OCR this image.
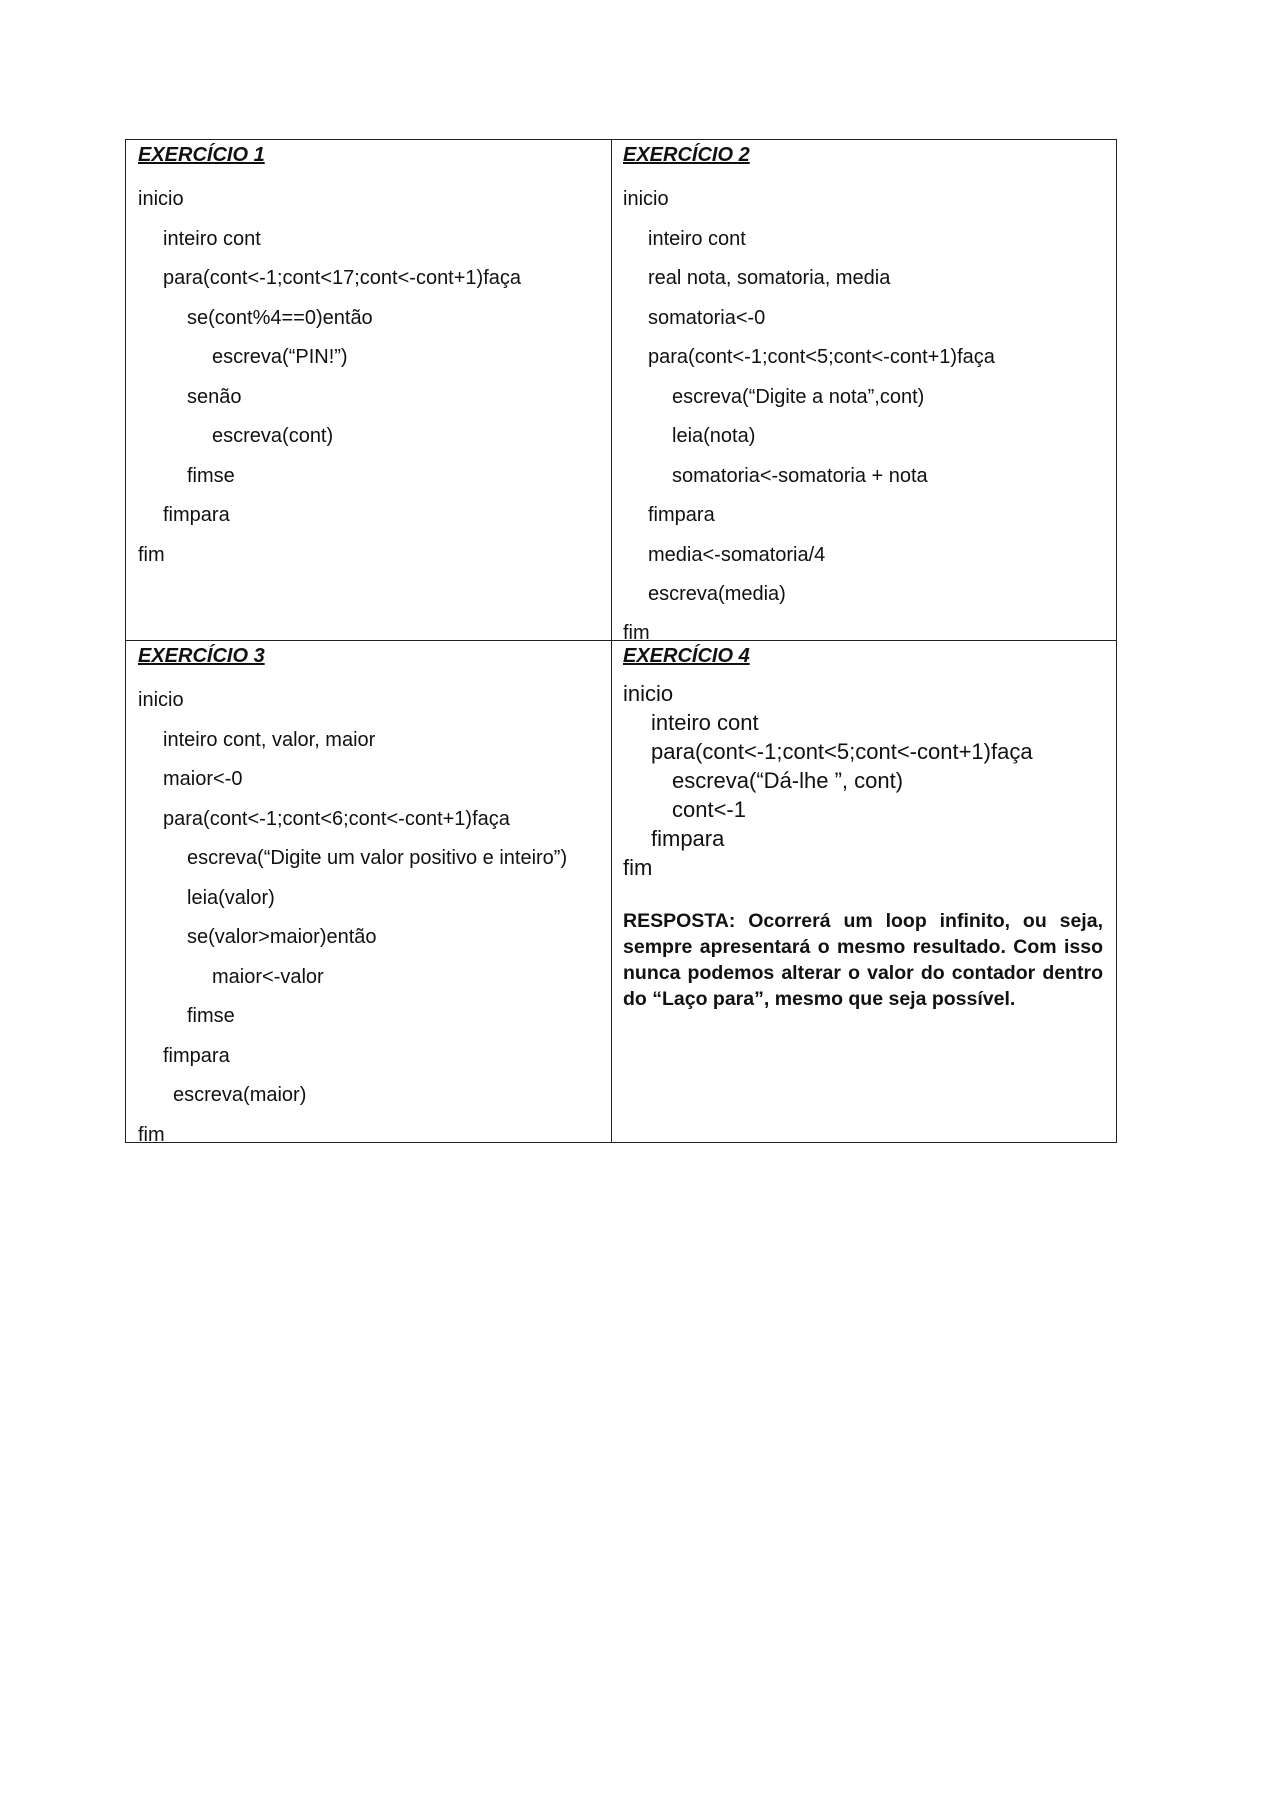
EXERCÍCIO 1
inicio
inteiro cont
para(cont<-1;cont<17;cont<-cont+1)faça
se(cont%4==0)então
escreva(“PIN!”)
senão
escreva(cont)
fimse
fimpara
fim
EXERCÍCIO 2
inicio
inteiro cont
real nota, somatoria, media
somatoria<-0
para(cont<-1;cont<5;cont<-cont+1)faça
escreva(“Digite a nota”,cont)
leia(nota)
somatoria<-somatoria + nota
fimpara
media<-somatoria/4
escreva(media)
fim
EXERCÍCIO 3
inicio
inteiro cont, valor, maior
maior<-0
para(cont<-1;cont<6;cont<-cont+1)faça
escreva(“Digite um valor positivo e inteiro”)
leia(valor)
se(valor>maior)então
maior<-valor
fimse
fimpara
escreva(maior)
fim
EXERCÍCIO 4
inicio
inteiro cont
para(cont<-1;cont<5;cont<-cont+1)faça
escreva(“Dá-lhe ”, cont)
cont<-1
fimpara
fim
RESPOSTA: Ocorrerá um loop infinito, ou seja, sempre apresentará o mesmo resultado. Com isso nunca podemos alterar o valor do contador dentro do “Laço para”, mesmo que seja possível.
